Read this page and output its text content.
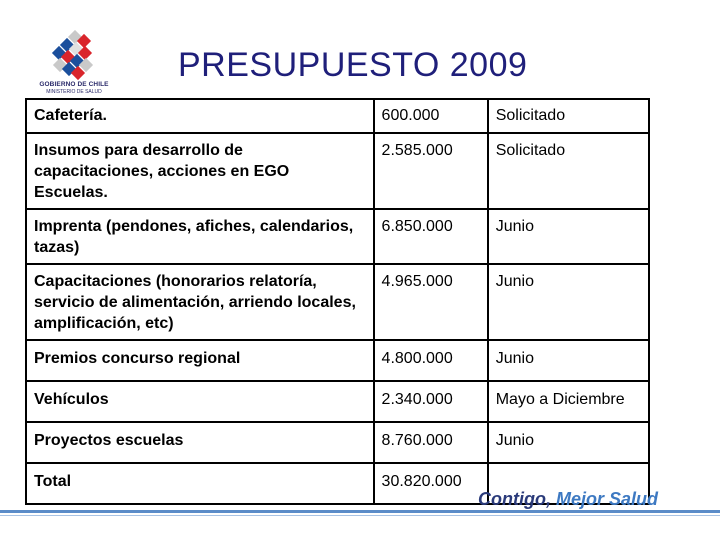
GOBIERNO DE CHILE
MINISTERIO DE SALUD
PRESUPUESTO 2009
Cafetería.	600.000	Solicitado
Insumos para desarrollo de capacitaciones, acciones en EGO Escuelas.	2.585.000	Solicitado
Imprenta (pendones, afiches, calendarios, tazas)	6.850.000	Junio
Capacitaciones (honorarios relatoría, servicio de alimentación, arriendo locales, amplificación, etc)	4.965.000	Junio
Premios concurso regional	4.800.000	Junio
Vehículos	2.340.000	Mayo a Diciembre
Proyectos escuelas	8.760.000	Junio
Total	30.820.000	
Contigo, Mejor Salud
